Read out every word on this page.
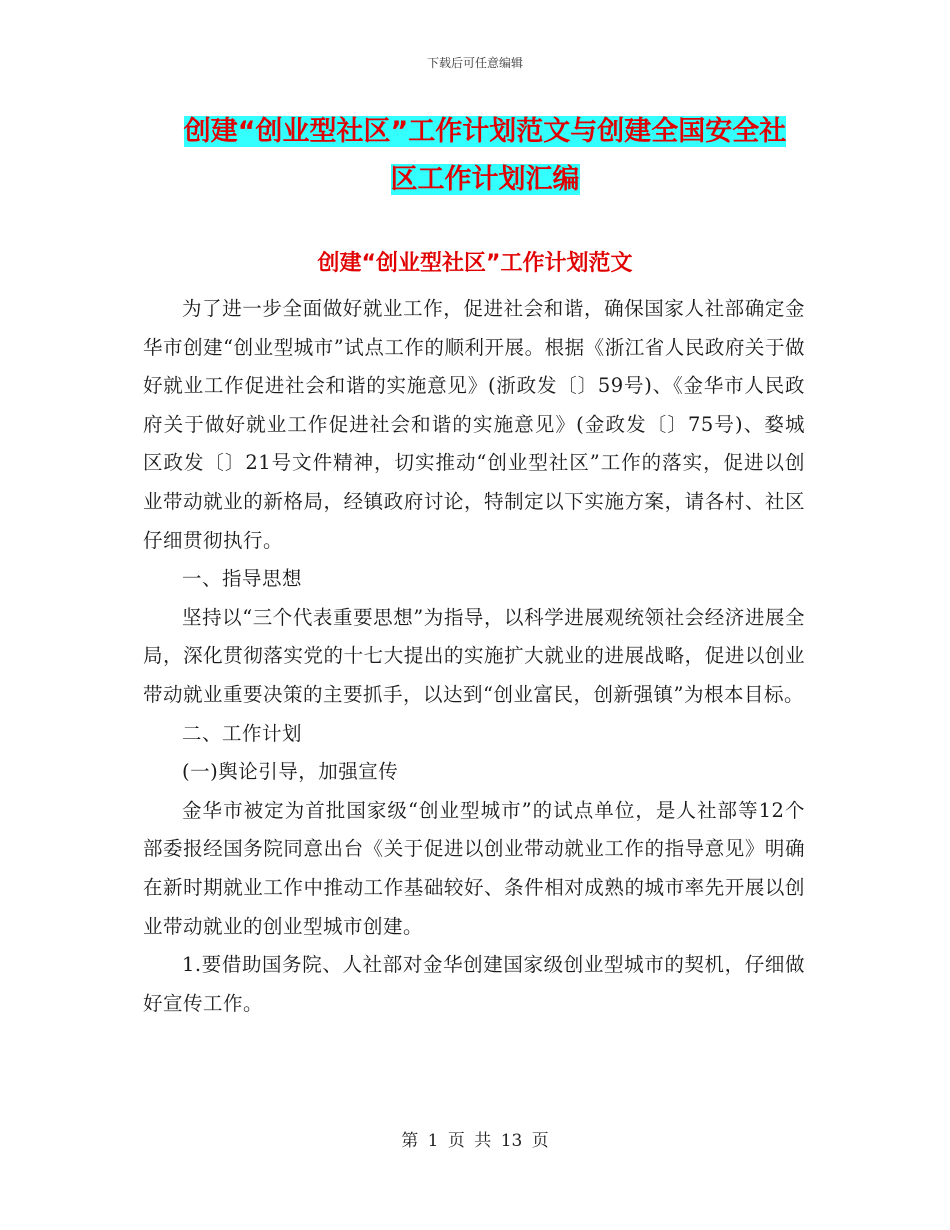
下载后可任意编辑
创建“创业型社区”工作计划范文与创建全国安全社
区工作计划汇编
创建“创业型社区”工作计划范文

为了进一步全面做好就业工作，促进社会和谐，确保国家人社部确定金华市创建“创业型城市”试点工作的顺利开展。根据《浙江省人民政府关于做好就业工作促进社会和谐的实施意见》(浙政发〔〕59号)、《金华市人民政府关于做好就业工作促进社会和谐的实施意见》(金政发〔〕75号)、婺城区政发〔〕21号文件精神，切实推动“创业型社区”工作的落实，促进以创业带动就业的新格局，经镇政府讨论，特制定以下实施方案，请各村、社区仔细贯彻执行。

一、指导思想

坚持以“三个代表重要思想”为指导，以科学进展观统领社会经济进展全局，深化贯彻落实党的十七大提出的实施扩大就业的进展战略，促进以创业带动就业重要决策的主要抓手，以达到“创业富民，创新强镇”为根本目标。

二、工作计划

(一)舆论引导，加强宣传

金华市被定为首批国家级“创业型城市”的试点单位，是人社部等12个部委报经国务院同意出台《关于促进以创业带动就业工作的指导意见》明确在新时期就业工作中推动工作基础较好、条件相对成熟的城市率先开展以创业带动就业的创业型城市创建。

1.要借助国务院、人社部对金华创建国家级创业型城市的契机，仔细做好宣传工作。

第 1 页 共 13 页
